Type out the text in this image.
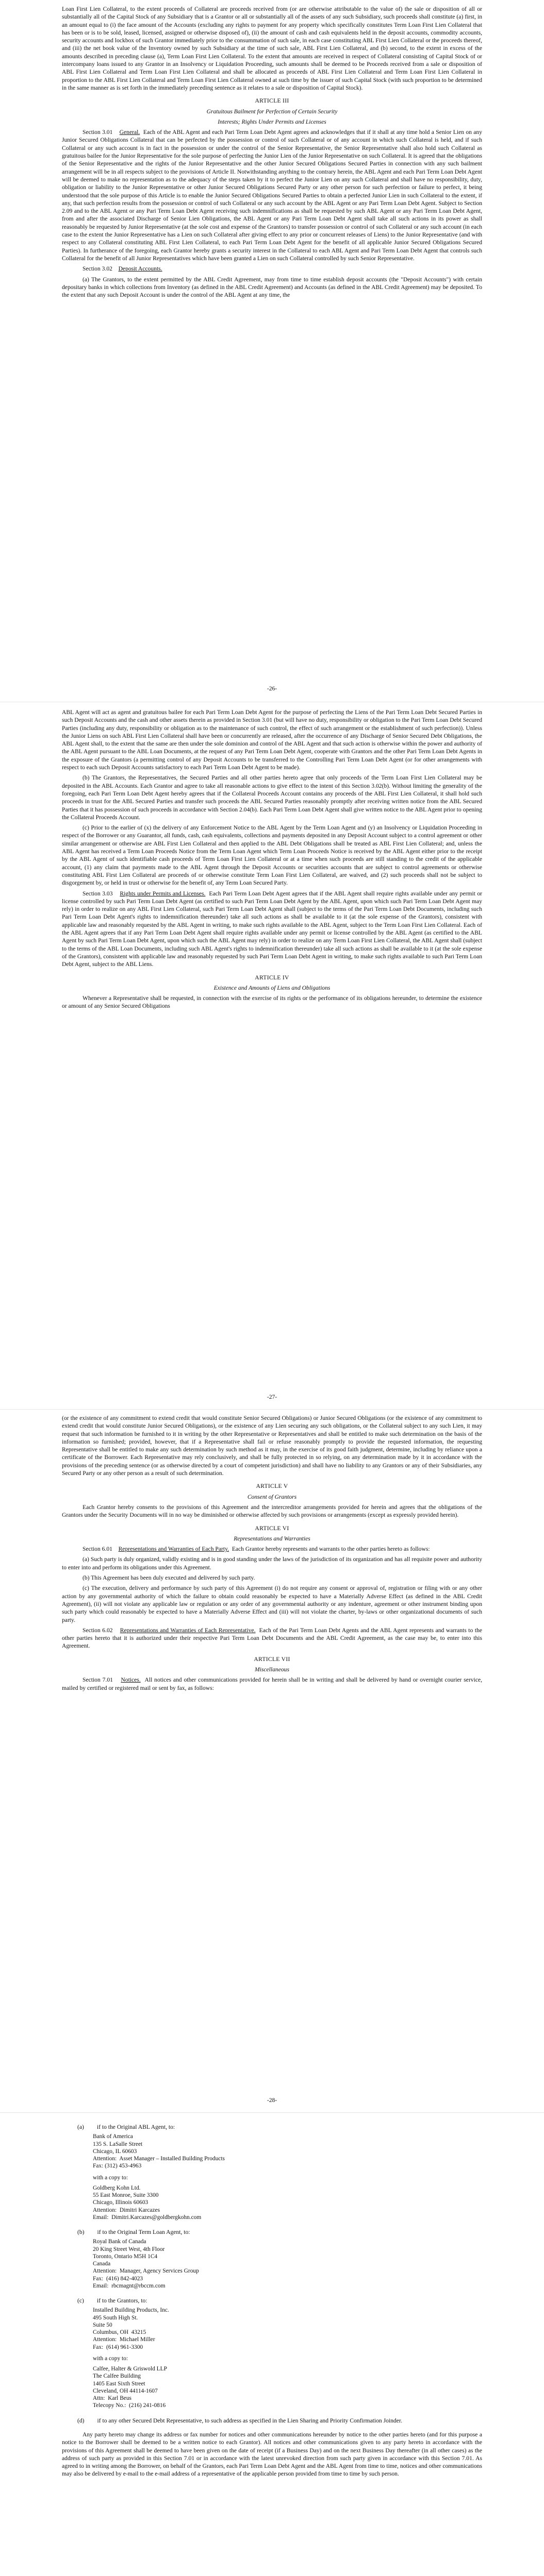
Loan First Lien Collateral, to the extent proceeds of Collateral are proceeds received from (or are otherwise attributable to the value of) the sale or disposition of all or substantially all of the Capital Stock of any Subsidiary that is a Grantor or all or substantially all of the assets of any such Subsidiary, such proceeds shall constitute (a) first, in an amount equal to (i) the face amount of the Accounts (excluding any rights to payment for any property which specifically constitutes Term Loan First Lien Collateral that has been or is to be sold, leased, licensed, assigned or otherwise disposed of), (ii) the amount of cash and cash equivalents held in the deposit accounts, commodity accounts, security accounts and lockbox of such Grantor immediately prior to the consummation of such sale, in each case constituting ABL First Lien Collateral or the proceeds thereof, and (iii) the net book value of the Inventory owned by such Subsidiary at the time of such sale, ABL First Lien Collateral, and (b) second, to the extent in excess of the amounts described in preceding clause (a), Term Loan First Lien Collateral. To the extent that amounts are received in respect of Collateral consisting of Capital Stock of or intercompany loans issued to any Grantor in an Insolvency or Liquidation Proceeding, such amounts shall be deemed to be Proceeds received from a sale or disposition of ABL First Lien Collateral and Term Loan First Lien Collateral and shall be allocated as proceeds of ABL First Lien Collateral and Term Loan First Lien Collateral in proportion to the ABL First Lien Collateral and Term Loan First Lien Collateral owned at such time by the issuer of such Capital Stock (with such proportion to be determined in the same manner as is set forth in the immediately preceding sentence as it relates to a sale or disposition of Capital Stock).

ARTICLE III

Gratuitous Bailment for Perfection of Certain Security

Interests; Rights Under Permits and Licenses

Section 3.01 General. Each of the ABL Agent and each Pari Term Loan Debt Agent agrees and acknowledges that if it shall at any time hold a Senior Lien on any Junior Secured Obligations Collateral that can be perfected by the possession or control of such Collateral or of any account in which such Collateral is held, and if such Collateral or any such account is in fact in the possession or under the control of the Senior Representative, the Senior Representative shall also hold such Collateral as gratuitous bailee for the Junior Representative for the sole purpose of perfecting the Junior Lien of the Junior Representative on such Collateral. It is agreed that the obligations of the Senior Representative and the rights of the Junior Representative and the other Junior Secured Obligations Secured Parties in connection with any such bailment arrangement will be in all respects subject to the provisions of Article II. Notwithstanding anything to the contrary herein, the ABL Agent and each Pari Term Loan Debt Agent will be deemed to make no representation as to the adequacy of the steps taken by it to perfect the Junior Lien on any such Collateral and shall have no responsibility, duty, obligation or liability to the Junior Representative or other Junior Secured Obligations Secured Party or any other person for such perfection or failure to perfect, it being understood that the sole purpose of this Article is to enable the Junior Secured Obligations Secured Parties to obtain a perfected Junior Lien in such Collateral to the extent, if any, that such perfection results from the possession or control of such Collateral or any such account by the ABL Agent or any Pari Term Loan Debt Agent. Subject to Section 2.09 and to the ABL Agent or any Pari Term Loan Debt Agent receiving such indemnifications as shall be requested by such ABL Agent or any Pari Term Loan Debt Agent, from and after the associated Discharge of Senior Lien Obligations, the ABL Agent or any Pari Term Loan Debt Agent shall take all such actions in its power as shall reasonably be requested by Junior Representative (at the sole cost and expense of the Grantors) to transfer possession or control of such Collateral or any such account (in each case to the extent the Junior Representative has a Lien on such Collateral after giving effect to any prior or concurrent releases of Liens) to the Junior Representative (and with respect to any Collateral constituting ABL First Lien Collateral, to each Pari Term Loan Debt Agent for the benefit of all applicable Junior Secured Obligations Secured Parties). In furtherance of the foregoing, each Grantor hereby grants a security interest in the Collateral to each ABL Agent and Pari Term Loan Debt Agent that controls such Collateral for the benefit of all Junior Representatives which have been granted a Lien on such Collateral controlled by such Senior Representative.

Section 3.02 Deposit Accounts.

(a) The Grantors, to the extent permitted by the ABL Credit Agreement, may from time to time establish deposit accounts (the "Deposit Accounts") with certain depositary banks in which collections from Inventory (as defined in the ABL Credit Agreement) and Accounts (as defined in the ABL Credit Agreement) may be deposited. To the extent that any such Deposit Account is under the control of the ABL Agent at any time, the

-26-

ABL Agent will act as agent and gratuitous bailee for each Pari Term Loan Debt Agent for the purpose of perfecting the Liens of the Pari Term Loan Debt Secured Parties in such Deposit Accounts and the cash and other assets therein as provided in Section 3.01 (but will have no duty, responsibility or obligation to the Pari Term Loan Debt Secured Parties (including any duty, responsibility or obligation as to the maintenance of such control, the effect of such arrangement or the establishment of such perfection)). Unless the Junior Liens on such ABL First Lien Collateral shall have been or concurrently are released, after the occurrence of any Discharge of Senior Secured Debt Obligations, the ABL Agent shall, to the extent that the same are then under the sole dominion and control of the ABL Agent and that such action is otherwise within the power and authority of the ABL Agent pursuant to the ABL Loan Documents, at the request of any Pari Term Loan Debt Agent, cooperate with Grantors and the other Pari Term Loan Debt Agents in the exposure of the Grantors (a permitting control of any Deposit Accounts to be transferred to the Controlling Pari Term Loan Debt Agent (or for other arrangements with respect to each such Deposit Accounts satisfactory to each Pari Term Loan Debt Agent to be made).

(b) The Grantors, the Representatives, the Secured Parties and all other parties hereto agree that only proceeds of the Term Loan First Lien Collateral may be deposited in the ABL Accounts. Each Grantor and agree to take all reasonable actions to give effect to the intent of this Section 3.02(b). Without limiting the generality of the foregoing, each Pari Term Loan Debt Agent hereby agrees that if the Collateral Proceeds Account contains any proceeds of the ABL First Lien Collateral, it shall hold such proceeds in trust for the ABL Secured Parties and transfer such proceeds the ABL Secured Parties reasonably promptly after receiving written notice from the ABL Secured Parties that it has possession of such proceeds in accordance with Section 2.04(b). Each Pari Term Loan Debt Agent shall give written notice to the ABL Agent prior to opening the Collateral Proceeds Account.

(c) Prior to the earlier of (x) the delivery of any Enforcement Notice to the ABL Agent by the Term Loan Agent and (y) an Insolvency or Liquidation Proceeding in respect of the Borrower or any Guarantor, all funds, cash, cash equivalents, collections and payments deposited in any Deposit Account subject to a control agreement or other similar arrangement or otherwise are ABL First Lien Collateral and then applied to the ABL Debt Obligations shall be treated as ABL First Lien Collateral; and, unless the ABL Agent has received a Term Loan Proceeds Notice from the Term Loan Agent which Term Loan Proceeds Notice is received by the ABL Agent either prior to the receipt by the ABL Agent of such identifiable cash proceeds of Term Loan First Lien Collateral or at a time when such proceeds are still standing to the credit of the applicable account, (1) any claim that payments made to the ABL Agent through the Deposit Accounts or securities accounts that are subject to control agreements or otherwise constituting ABL First Lien Collateral are proceeds of or otherwise constitute Term Loan First Lien Collateral, are waived, and (2) such proceeds shall not be subject to disgorgement by, or held in trust or otherwise for the benefit of, any Term Loan Secured Party.

Section 3.03 Rights under Permits and Licenses. Each Pari Term Loan Debt Agent agrees that if the ABL Agent shall require rights available under any permit or license controlled by such Pari Term Loan Debt Agent (as certified to such Pari Term Loan Debt Agent by the ABL Agent, upon which such Pari Term Loan Debt Agent may rely) in order to realize on any ABL First Lien Collateral, such Pari Term Loan Debt Agent shall (subject to the terms of the Pari Term Loan Debt Documents, including such Pari Term Loan Debt Agent's rights to indemnification thereunder) take all such actions as shall be available to it (at the sole expense of the Grantors), consistent with applicable law and reasonably requested by the ABL Agent in writing, to make such rights available to the ABL Agent, subject to the Term Loan First Lien Collateral. Each of the ABL Agent agrees that if any Pari Term Loan Debt Agent shall require rights available under any permit or license controlled by the ABL Agent (as certified to the ABL Agent by such Pari Term Loan Debt Agent, upon which such the ABL Agent may rely) in order to realize on any Term Loan First Lien Collateral, the ABL Agent shall (subject to the terms of the ABL Loan Documents, including such ABL Agent's rights to indemnification thereunder) take all such actions as shall be available to it (at the sole expense of the Grantors), consistent with applicable law and reasonably requested by such Pari Term Loan Debt Agent in writing, to make such rights available to such Pari Term Loan Debt Agent, subject to the ABL Liens.

ARTICLE IV

Existence and Amounts of Liens and Obligations

Whenever a Representative shall be requested, in connection with the exercise of its rights or the performance of its obligations hereunder, to determine the existence or amount of any Senior Secured Obligations

-27-

(or the existence of any commitment to extend credit that would constitute Senior Secured Obligations) or Junior Secured Obligations (or the existence of any commitment to extend credit that would constitute Junior Secured Obligations), or the existence of any Lien securing any such obligations, or the Collateral subject to any such Lien, it may request that such information be furnished to it in writing by the other Representative or Representatives and shall be entitled to make such determination on the basis of the information so furnished; provided, however, that if a Representative shall fail or refuse reasonably promptly to provide the requested information, the requesting Representative shall be entitled to make any such determination by such method as it may, in the exercise of its good faith judgment, determine, including by reliance upon a certificate of the Borrower. Each Representative may rely conclusively, and shall be fully protected in so relying, on any determination made by it in accordance with the provisions of the preceding sentence (or as otherwise directed by a court of competent jurisdiction) and shall have no liability to any Grantors or any of their Subsidiaries, any Secured Party or any other person as a result of such determination.

ARTICLE V

Consent of Grantors

Each Grantor hereby consents to the provisions of this Agreement and the intercreditor arrangements provided for herein and agrees that the obligations of the Grantors under the Security Documents will in no way be diminished or otherwise affected by such provisions or arrangements (except as expressly provided herein).

ARTICLE VI

Representations and Warranties

Section 6.01 Representations and Warranties of Each Party. Each Grantor hereby represents and warrants to the other parties hereto as follows:

(a) Such party is duly organized, validly existing and is in good standing under the laws of the jurisdiction of its organization and has all requisite power and authority to enter into and perform its obligations under this Agreement.

(b) This Agreement has been duly executed and delivered by such party.

(c) The execution, delivery and performance by such party of this Agreement (i) do not require any consent or approval of, registration or filing with or any other action by any governmental authority of which the failure to obtain could reasonably be expected to have a Materially Adverse Effect (as defined in the ABL Credit Agreement), (ii) will not violate any applicable law or regulation or any order of any governmental authority or any indenture, agreement or other instrument binding upon such party which could reasonably be expected to have a Materially Adverse Effect and (iii) will not violate the charter, by-laws or other organizational documents of such party.

Section 6.02 Representations and Warranties of Each Representative. Each of the Pari Term Loan Debt Agents and the ABL Agent represents and warrants to the other parties hereto that it is authorized under their respective Pari Term Loan Debt Documents and the ABL Credit Agreement, as the case may be, to enter into this Agreement.

ARTICLE VII

Miscellaneous

Section 7.01 Notices. All notices and other communications provided for herein shall be in writing and shall be delivered by hand or overnight courier service, mailed by certified or registered mail or sent by fax, as follows:

-28-
(a) if to the Original ABL Agent, to:
Bank of America
135 S. LaSalle Street
Chicago, IL 60603
Attention:  Asset Manager – Installed Building Products
Fax: (312) 453-4963
with a copy to:
Goldberg Kohn Ltd.
55 East Monroe, Suite 3300
Chicago, Illinois 60603
Attention:  Dimitri Karcazes
Email:  Dimitri.Karcazes@goldbergkohn.com
(b) if to the Original Term Loan Agent, to:
Royal Bank of Canada
20 King Street West, 4th Floor
Toronto, Ontario M5H 1C4
Canada
Attention:  Manager, Agency Services Group
Fax:  (416) 842-4023
Email:  rbcmagnt@rbccm.com
(c) if to the Grantors, to:
Installed Building Products, Inc.
495 South High St.
Suite 50
Columbus, OH  43215
Attention:  Michael Miller
Fax:  (614) 961-3300
with a copy to:
Calfee, Halter & Griswold LLP
The Calfee Building
1405 East Sixth Street
Cleveland, OH 44114-1607
Attn:  Karl Beus
Telecopy No.:  (216) 241-0816
(d) if to any other Secured Debt Representative, to such address as specified in the Lien Sharing and Priority Confirmation Joinder.

Any party hereto may change its address or fax number for notices and other communications hereunder by notice to the other parties hereto (and for this purpose a notice to the Borrower shall be deemed to be a written notice to each Grantor). All notices and other communications given to any party hereto in accordance with the provisions of this Agreement shall be deemed to have been given on the date of receipt (if a Business Day) and on the next Business Day thereafter (in all other cases) as the address of such party as provided in this Section 7.01 or in accordance with the latest unrevoked direction from such party given in accordance with this Section 7.01. As agreed to in writing among the Borrower, on behalf of the Grantors, each Pari Term Loan Debt Agent and the ABL Agent from time to time, notices and other communications may also be delivered by e-mail to the e-mail address of a representative of the applicable person provided from time to time by such person.
